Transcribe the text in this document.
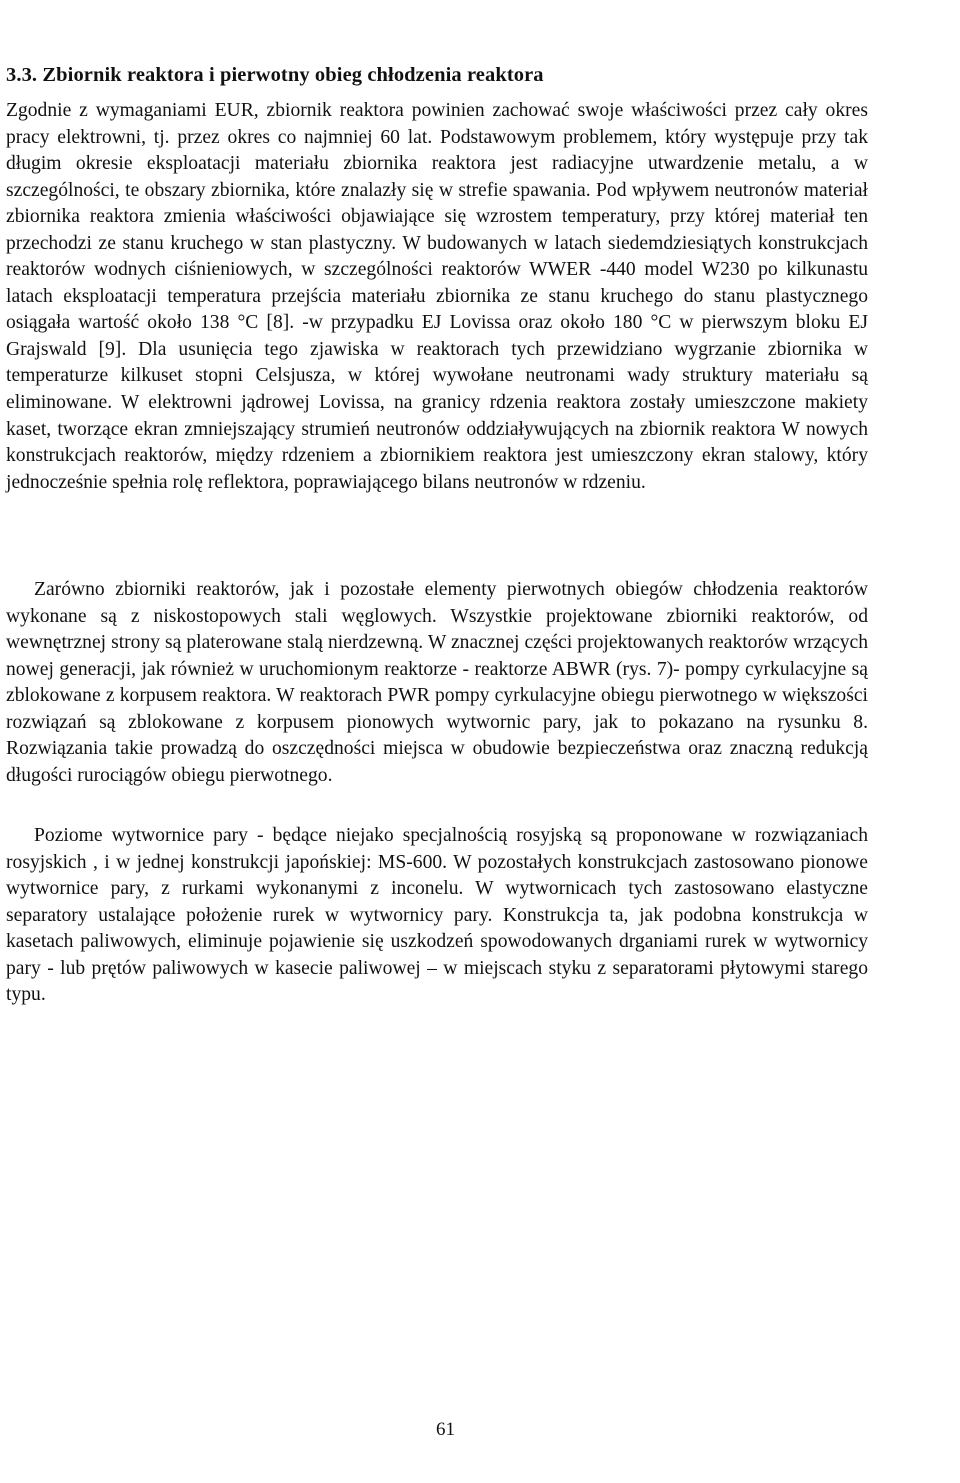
3.3. Zbiornik reaktora i pierwotny obieg chłodzenia reaktora

Zgodnie z wymaganiami EUR, zbiornik reaktora powinien zachować swoje właściwości przez cały okres pracy elektrowni, tj. przez okres co najmniej 60 lat. Podstawowym problemem, który występuje przy tak długim okresie eksploatacji materiału zbiornika reaktora jest radiacyjne utwardzenie metalu, a w szczególności, te obszary zbiornika, które znalazły się w strefie spawania. Pod wpływem neutronów materiał zbiornika reaktora zmienia właściwości objawiające się wzrostem temperatury, przy której materiał ten przechodzi ze stanu kruchego w stan plastyczny. W budowanych w latach siedemdziesiątych konstrukcjach reaktorów wodnych ciśnieniowych, w szczególności reaktorów WWER -440 model W230 po kilkunastu latach eksploatacji temperatura przejścia materiału zbiornika ze stanu kruchego do stanu plastycznego osiągała wartość około 138 °C [8]. -w przypadku EJ Lovissa oraz około 180 °C w pierwszym bloku EJ Grajswald [9]. Dla usunięcia tego zjawiska w reaktorach tych przewidziano wygrzanie zbiornika w temperaturze kilkuset stopni Celsjusza, w której wywołane neutronami wady struktury materiału są eliminowane. W elektrowni jądrowej Lovissa, na granicy rdzenia reaktora zostały umieszczone makiety kaset, tworzące ekran zmniejszający strumień neutronów oddziaływujących na zbiornik reaktora W nowych konstrukcjach reaktorów, między rdzeniem a zbiornikiem reaktora jest umieszczony ekran stalowy, który jednocześnie spełnia rolę reflektora, poprawiającego bilans neutronów w rdzeniu.

Zarówno zbiorniki reaktorów, jak i pozostałe elementy pierwotnych obiegów chłodzenia reaktorów wykonane są z niskostopowych stali węglowych. Wszystkie projektowane zbiorniki reaktorów, od wewnętrznej strony są platerowane stalą nierdzewną. W znacznej części projektowanych reaktorów wrzących nowej generacji, jak również w uruchomionym reaktorze - reaktorze ABWR (rys. 7)- pompy cyrkulacyjne są zblokowane z korpusem reaktora. W reaktorach PWR pompy cyrkulacyjne obiegu pierwotnego w większości rozwiązań są zblokowane z korpusem pionowych wytwornic pary, jak to pokazano na rysunku 8. Rozwiązania takie prowadzą do oszczędności miejsca w obudowie bezpieczeństwa oraz znaczną redukcją długości rurociągów obiegu pierwotnego.

Poziome wytwornice pary - będące niejako specjalnością rosyjską są proponowane w rozwiązaniach rosyjskich , i w jednej konstrukcji japońskiej: MS-600. W pozostałych konstrukcjach zastosowano pionowe wytwornice pary, z rurkami wykonanymi z inconelu. W wytwornicach tych zastosowano elastyczne separatory ustalające położenie rurek w wytwornicy pary. Konstrukcja ta, jak podobna konstrukcja w kasetach paliwowych, eliminuje pojawienie się uszkodzeń spowodowanych drganiami rurek w wytwornicy pary - lub prętów paliwowych w kasecie paliwowej – w miejscach styku z separatorami płytowymi starego typu.

61
